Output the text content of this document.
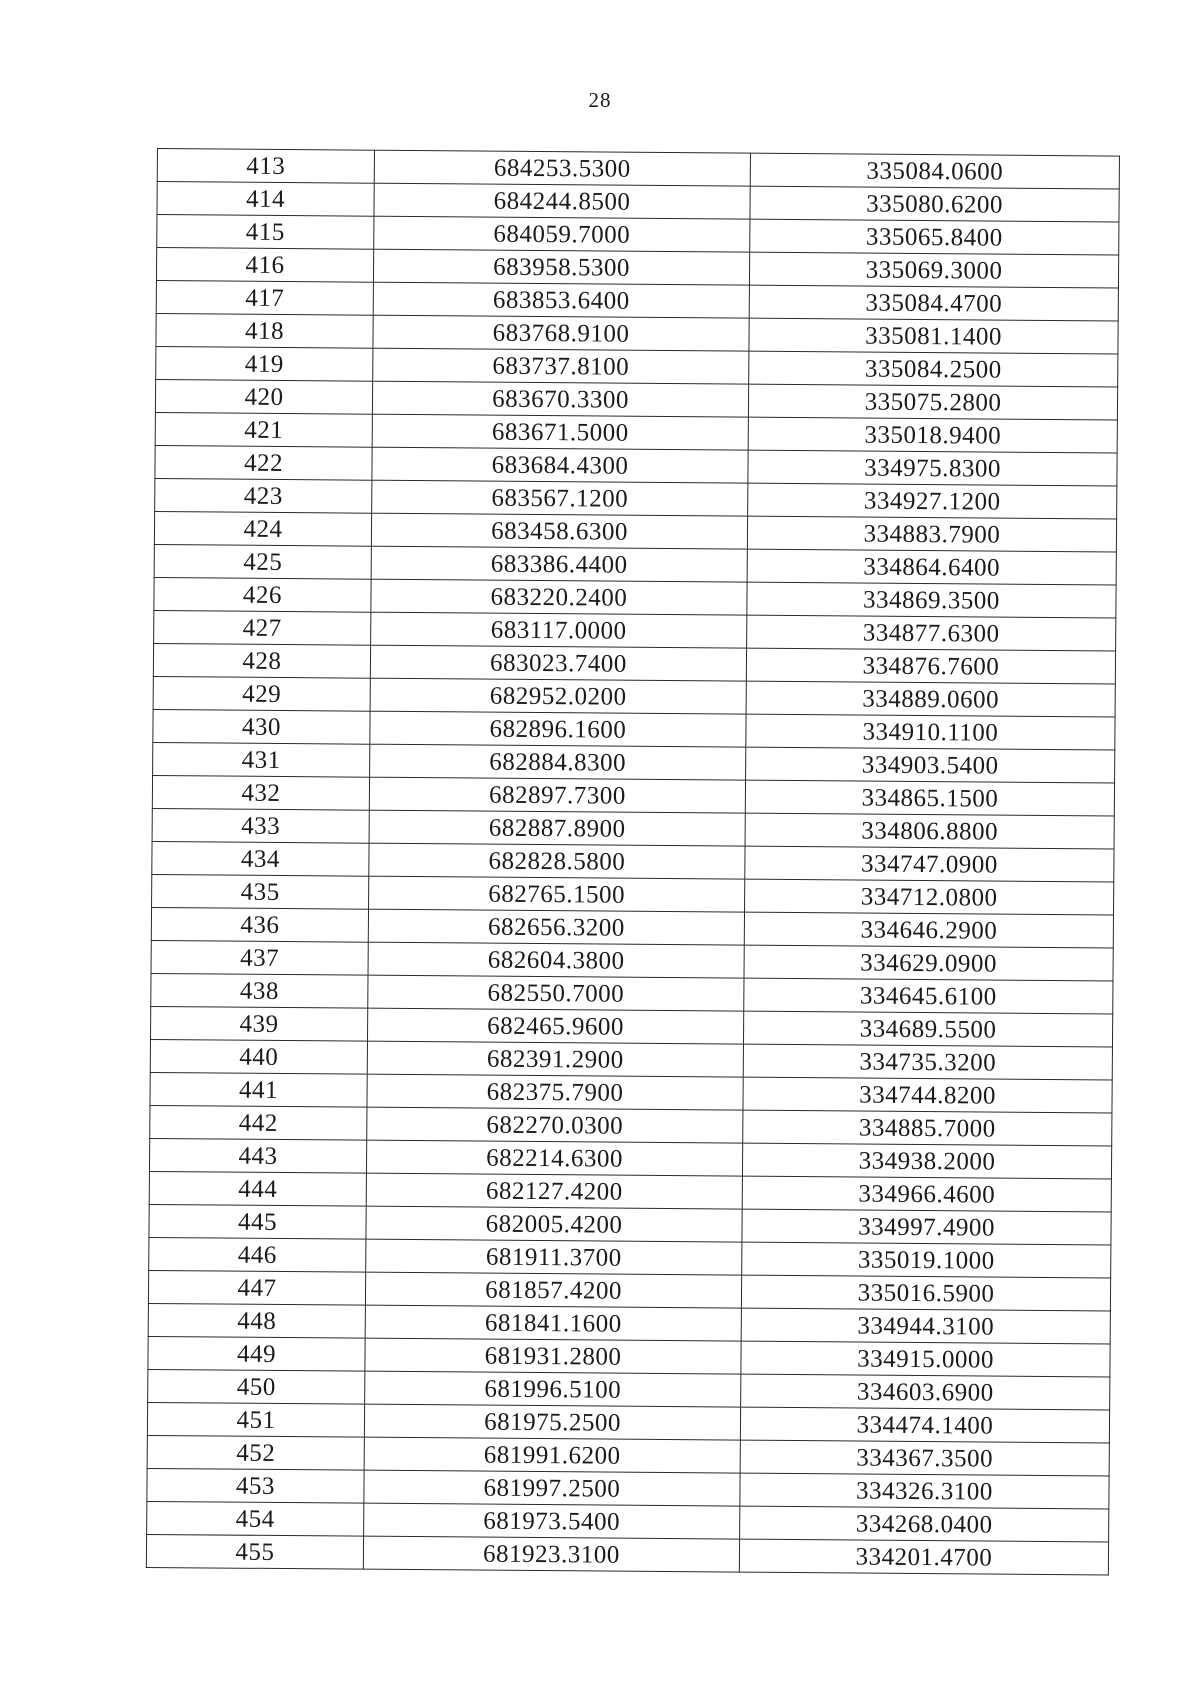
28
413	684253.5300	335084.0600
414	684244.8500	335080.6200
415	684059.7000	335065.8400
416	683958.5300	335069.3000
417	683853.6400	335084.4700
418	683768.9100	335081.1400
419	683737.8100	335084.2500
420	683670.3300	335075.2800
421	683671.5000	335018.9400
422	683684.4300	334975.8300
423	683567.1200	334927.1200
424	683458.6300	334883.7900
425	683386.4400	334864.6400
426	683220.2400	334869.3500
427	683117.0000	334877.6300
428	683023.7400	334876.7600
429	682952.0200	334889.0600
430	682896.1600	334910.1100
431	682884.8300	334903.5400
432	682897.7300	334865.1500
433	682887.8900	334806.8800
434	682828.5800	334747.0900
435	682765.1500	334712.0800
436	682656.3200	334646.2900
437	682604.3800	334629.0900
438	682550.7000	334645.6100
439	682465.9600	334689.5500
440	682391.2900	334735.3200
441	682375.7900	334744.8200
442	682270.0300	334885.7000
443	682214.6300	334938.2000
444	682127.4200	334966.4600
445	682005.4200	334997.4900
446	681911.3700	335019.1000
447	681857.4200	335016.5900
448	681841.1600	334944.3100
449	681931.2800	334915.0000
450	681996.5100	334603.6900
451	681975.2500	334474.1400
452	681991.6200	334367.3500
453	681997.2500	334326.3100
454	681973.5400	334268.0400
455	681923.3100	334201.4700
